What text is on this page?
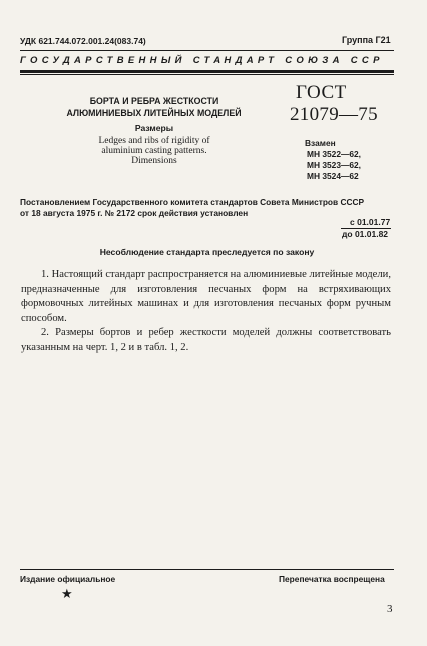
УДК 621.744.072.001.24(083.74)	Группа Г21
ГОСУДАРСТВЕННЫЙ СТАНДАРТ СОЮЗА ССР
БОРТА И РЕБРА ЖЕСТКОСТИ
АЛЮМИНИЕВЫХ ЛИТЕЙНЫХ МОДЕЛЕЙ
Размеры
Ledges and ribs of rigidity of
aluminium casting patterns.
Dimensions
ГОСТ
21079—75
Взамен
МН 3522—62,
МН 3523—62,
МН 3524—62
Постановлением Государственного комитета стандартов Совета Министров СССР
от 18 августа 1975 г. № 2172 срок действия установлен
с 01.01.77
до 01.01.82
Несоблюдение стандарта преследуется по закону

1. Настоящий стандарт распространяется на алюминиевые литейные модели, предназначенные для изготовления песчаных форм на встряхивающих формовочных литейных машинах и для изготовления песчаных форм ручным способом.

2. Размеры бортов и ребер жесткости моделей должны соответствовать указанным на черт. 1, 2 и в табл. 1, 2.

Издание официальное	Перепечатка воспрещена
★
3
